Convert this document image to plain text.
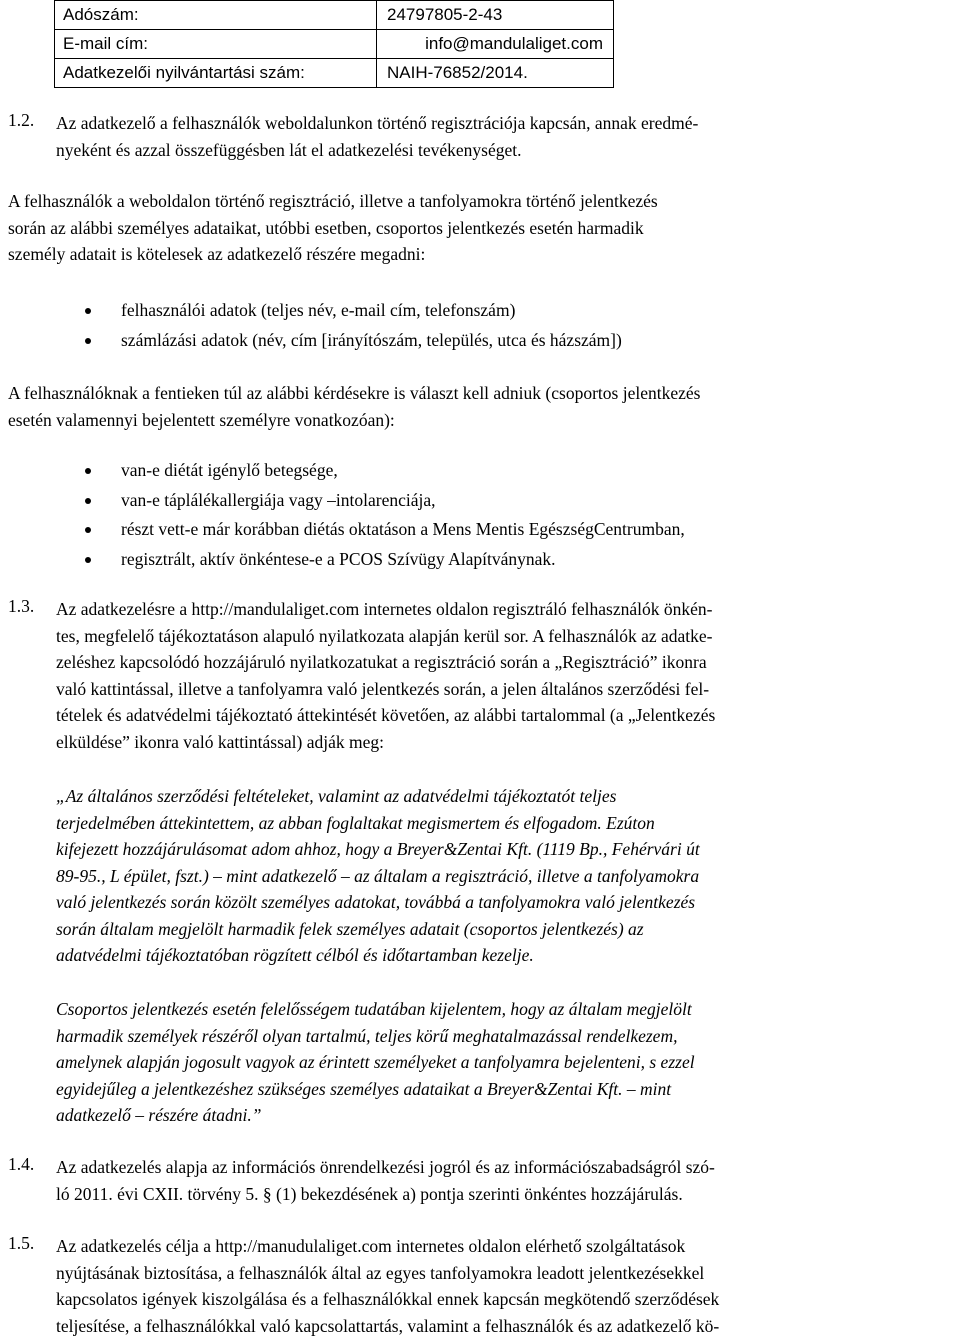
Adószám:	24797805-2-43
E-mail cím:	info@mandulaliget.com
Adatkezelői nyilvántartási szám:	NAIH-76852/2014.
1.2. Az adatkezelő a felhasználók weboldalunkon történő regisztrációja kapcsán, annak eredmé-

nyeként és azzal összefüggésben lát el adatkezelési tevékenységet.

A felhasználók a weboldalon történő regisztráció, illetve a tanfolyamokra történő jelentkezés

során az alábbi személyes adataikat, utóbbi esetben, csoportos jelentkezés esetén harmadik

személy adatait is kötelesek az adatkezelő részére megadni:

felhasználói adatok (teljes név, e-mail cím, telefonszám)
számlázási adatok (név, cím [irányítószám, település, utca és házszám])

A felhasználóknak a fentieken túl az alábbi kérdésekre is választ kell adniuk (csoportos jelentkezés

esetén valamennyi bejelentett személyre vonatkozóan):

van-e diétát igénylő betegsége,
van-e táplálékallergiája vagy –intolarenciája,
részt vett-e már korábban diétás oktatáson a Mens Mentis EgészségCentrumban,
regisztrált, aktív önkéntese-e a PCOS Szívügy Alapítványnak.
1.3. Az adatkezelésre a http://mandulaliget.com internetes oldalon regisztráló felhasználók önkén-

tes, megfelelő tájékoztatáson alapuló nyilatkozata alapján kerül sor. A felhasználók az adatke-

zeléshez kapcsolódó hozzájáruló nyilatkozatukat a regisztráció során a „Regisztráció” ikonra

való kattintással, illetve a tanfolyamra való jelentkezés során, a jelen általános szerződési fel-

tételek és adatvédelmi tájékoztató áttekintését követően, az alábbi tartalommal (a „Jelentkezés

elküldése” ikonra való kattintással) adják meg:

„Az általános szerződési feltételeket, valamint az adatvédelmi tájékoztatót teljes

terjedelmében áttekintettem, az abban foglaltakat megismertem és elfogadom. Ezúton

kifejezett hozzájárulásomat adom ahhoz, hogy a Breyer&Zentai Kft. (1119 Bp., Fehérvári út

89-95., L épület, fszt.) – mint adatkezelő – az általam a regisztráció, illetve a tanfolyamokra

való jelentkezés során közölt személyes adatokat, továbbá a tanfolyamokra való jelentkezés

során általam megjelölt harmadik felek személyes adatait (csoportos jelentkezés) az

adatvédelmi tájékoztatóban rögzített célból és időtartamban kezelje.

Csoportos jelentkezés esetén felelősségem tudatában kijelentem, hogy az általam megjelölt

harmadik személyek részéről olyan tartalmú, teljes körű meghatalmazással rendelkezem,

amelynek alapján jogosult vagyok az érintett személyeket a tanfolyamra bejelenteni, s ezzel

egyidejűleg a jelentkezéshez szükséges személyes adataikat a Breyer&Zentai Kft. – mint

adatkezelő – részére átadni.”

1.4. Az adatkezelés alapja az információs önrendelkezési jogról és az információszabadságról szó-

ló 2011. évi CXII. törvény 5. § (1) bekezdésének a) pontja szerinti önkéntes hozzájárulás.

1.5. Az adatkezelés célja a http://manudulaliget.com internetes oldalon elérhető szolgáltatások

nyújtásának biztosítása, a felhasználók által az egyes tanfolyamokra leadott jelentkezésekkel

kapcsolatos igények kiszolgálása és a felhasználókkal ennek kapcsán megkötendő szerződések

teljesítése, a felhasználókkal való kapcsolattartás, valamint a felhasználók és az adatkezelő kö-
